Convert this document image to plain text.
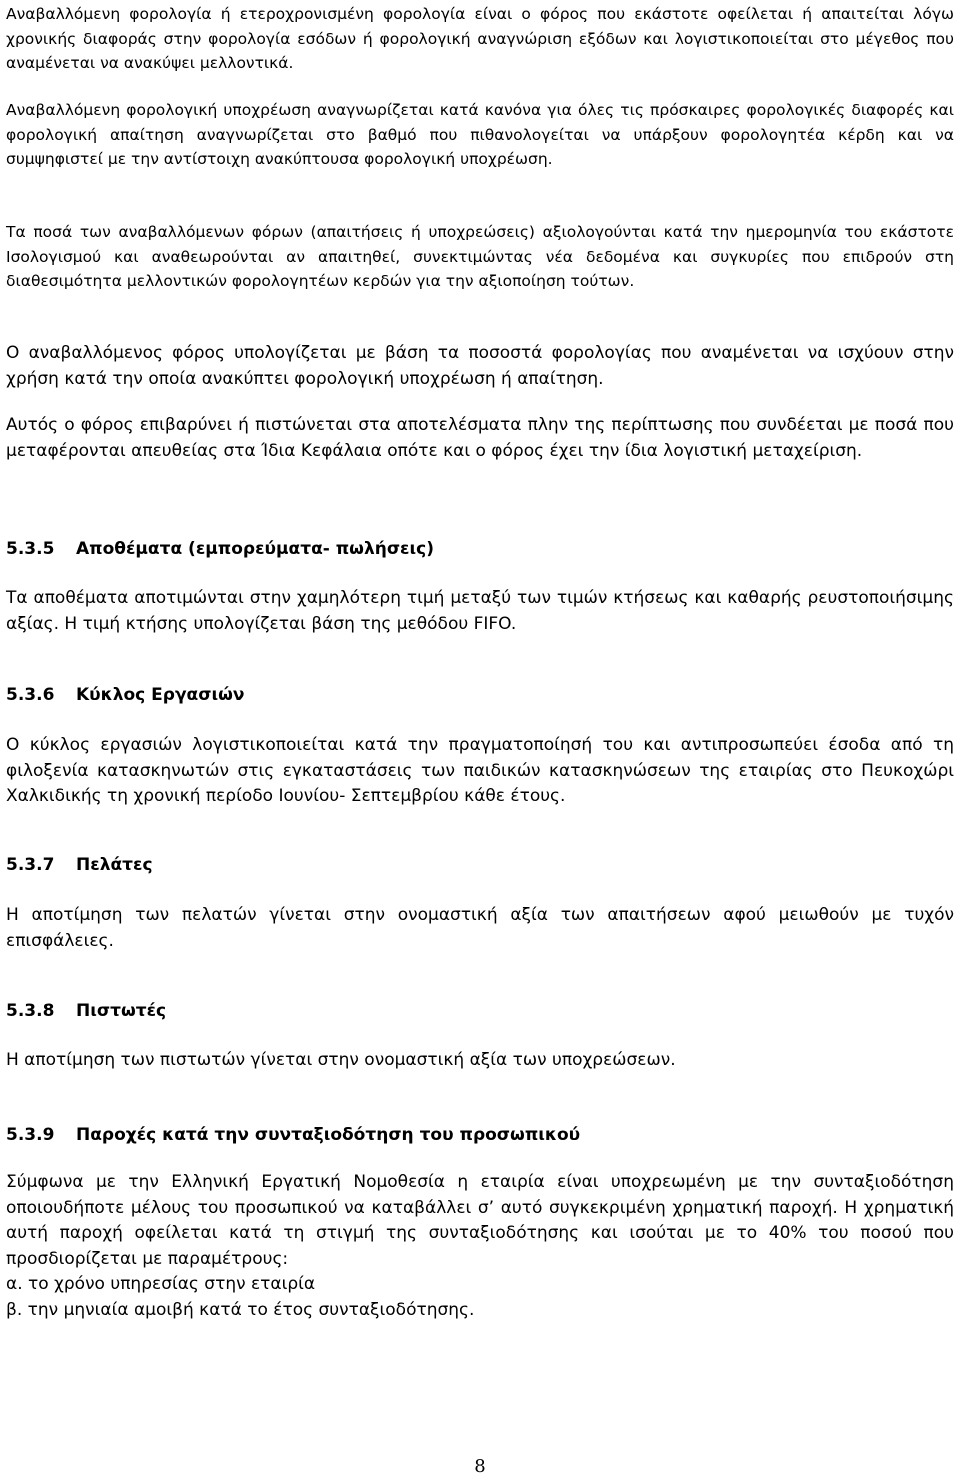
Αναβαλλόμενη φορολογία ή ετεροχρονισμένη φορολογία είναι ο φόρος που εκάστοτε οφείλεται ή απαιτείται λόγω χρονικής διαφοράς στην φορολογία εσόδων ή φορολογική αναγνώριση εξόδων και λογιστικοποιείται στο μέγεθος που αναμένεται να ανακύψει μελλοντικά.

Αναβαλλόμενη φορολογική υποχρέωση αναγνωρίζεται κατά κανόνα για όλες τις πρόσκαιρες φορολογικές διαφορές και φορολογική απαίτηση αναγνωρίζεται στο βαθμό που πιθανολογείται να υπάρξουν φορολογητέα κέρδη και να συμψηφιστεί με την αντίστοιχη ανακύπτουσα φορολογική υποχρέωση.

Τα ποσά των αναβαλλόμενων φόρων (απαιτήσεις ή υποχρεώσεις) αξιολογούνται κατά την ημερομηνία του εκάστοτε Ισολογισμού και αναθεωρούνται αν απαιτηθεί, συνεκτιμώντας νέα δεδομένα και συγκυρίες που επιδρούν στη διαθεσιμότητα μελλοντικών φορολογητέων κερδών για την αξιοποίηση τούτων.

Ο αναβαλλόμενος φόρος υπολογίζεται με βάση τα ποσοστά φορολογίας που αναμένεται να ισχύουν στην χρήση κατά την οποία ανακύπτει φορολογική υποχρέωση ή απαίτηση.

Αυτός ο φόρος επιβαρύνει ή πιστώνεται στα αποτελέσματα πλην της περίπτωσης που συνδέεται με ποσά που μεταφέρονται απευθείας στα Ίδια Κεφάλαια οπότε και ο φόρος έχει την ίδια λογιστική μεταχείριση.

5.3.5 Αποθέματα (εμπορεύματα- πωλήσεις)

Τα αποθέματα αποτιμώνται στην χαμηλότερη τιμή μεταξύ των τιμών κτήσεως και καθαρής ρευστοποιήσιμης αξίας. Η τιμή κτήσης υπολογίζεται βάση της μεθόδου FIFO.

5.3.6 Κύκλος Εργασιών

Ο κύκλος εργασιών λογιστικοποιείται κατά την πραγματοποίησή του και αντιπροσωπεύει έσοδα από τη φιλοξενία κατασκηνωτών στις εγκαταστάσεις των παιδικών κατασκηνώσεων της εταιρίας στο Πευκοχώρι Χαλκιδικής τη χρονική περίοδο Ιουνίου- Σεπτεμβρίου κάθε έτους.

5.3.7 Πελάτες

Η αποτίμηση των πελατών γίνεται στην ονομαστική αξία των απαιτήσεων αφού μειωθούν με τυχόν επισφάλειες.

5.3.8 Πιστωτές

Η αποτίμηση των πιστωτών γίνεται στην ονομαστική αξία των υποχρεώσεων.

5.3.9 Παροχές κατά την συνταξιοδότηση του προσωπικού

Σύμφωνα με την Ελληνική Εργατική Νομοθεσία η εταιρία είναι υποχρεωμένη με την συνταξιοδότηση οποιουδήποτε μέλους του προσωπικού να καταβάλλει σ’ αυτό συγκεκριμένη χρηματική παροχή. Η χρηματική αυτή παροχή οφείλεται κατά τη στιγμή της συνταξιοδότησης και ισούται με το 40% του ποσού που προσδιορίζεται με παραμέτρους:

α. το χρόνο υπηρεσίας στην εταιρία

β. την μηνιαία αμοιβή κατά το έτος συνταξιοδότησης.

8
